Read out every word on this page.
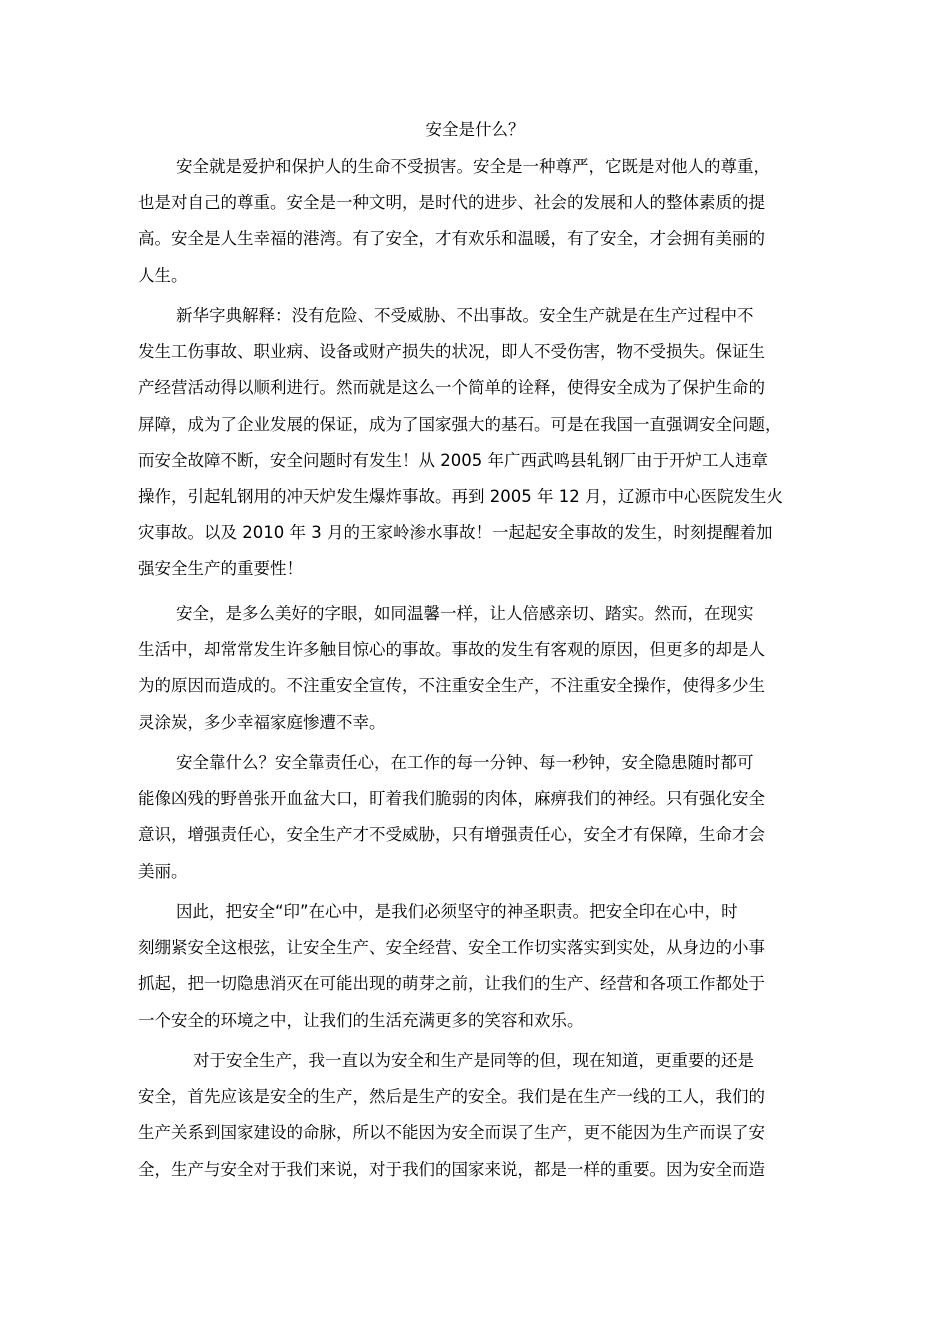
安全是什么？
安全就是爱护和保护人的生命不受损害。安全是一种尊严，它既是对他人的尊重，
也是对自己的尊重。安全是一种文明，是时代的进步、社会的发展和人的整体素质的提
高。安全是人生幸福的港湾。有了安全，才有欢乐和温暖，有了安全，才会拥有美丽的
人生。
新华字典解释：没有危险、不受威胁、不出事故。安全生产就是在生产过程中不
发生工伤事故、职业病、设备或财产损失的状况，即人不受伤害，物不受损失。保证生
产经营活动得以顺利进行。然而就是这么一个简单的诠释，使得安全成为了保护生命的
屏障，成为了企业发展的保证，成为了国家强大的基石。可是在我国一直强调安全问题，
而安全故障不断，安全问题时有发生！从 2005 年广西武鸣县轧钢厂由于开炉工人违章
操作，引起轧钢用的冲天炉发生爆炸事故。再到 2005 年 12 月，辽源市中心医院发生火
灾事故。以及 2010 年 3 月的王家岭渗水事故！一起起安全事故的发生，时刻提醒着加
强安全生产的重要性！
安全，是多么美好的字眼，如同温馨一样，让人倍感亲切、踏实。然而，在现实
生活中，却常常发生许多触目惊心的事故。事故的发生有客观的原因，但更多的却是人
为的原因而造成的。不注重安全宣传，不注重安全生产，不注重安全操作，使得多少生
灵涂炭，多少幸福家庭惨遭不幸。
安全靠什么？安全靠责任心，在工作的每一分钟、每一秒钟，安全隐患随时都可
能像凶残的野兽张开血盆大口，盯着我们脆弱的肉体，麻痹我们的神经。只有强化安全
意识，增强责任心，安全生产才不受威胁，只有增强责任心，安全才有保障，生命才会
美丽。
因此，把安全“印”在心中，是我们必须坚守的神圣职责。把安全印在心中，时
刻绷紧安全这根弦，让安全生产、安全经营、安全工作切实落实到实处，从身边的小事
抓起，把一切隐患消灭在可能出现的萌芽之前，让我们的生产、经营和各项工作都处于
一个安全的环境之中，让我们的生活充满更多的笑容和欢乐。
对于安全生产，我一直以为安全和生产是同等的但，现在知道，更重要的还是
安全，首先应该是安全的生产，然后是生产的安全。我们是在生产一线的工人，我们的
生产关系到国家建设的命脉，所以不能因为安全而误了生产，更不能因为生产而误了安
全，生产与安全对于我们来说，对于我们的国家来说，都是一样的重要。因为安全而造
